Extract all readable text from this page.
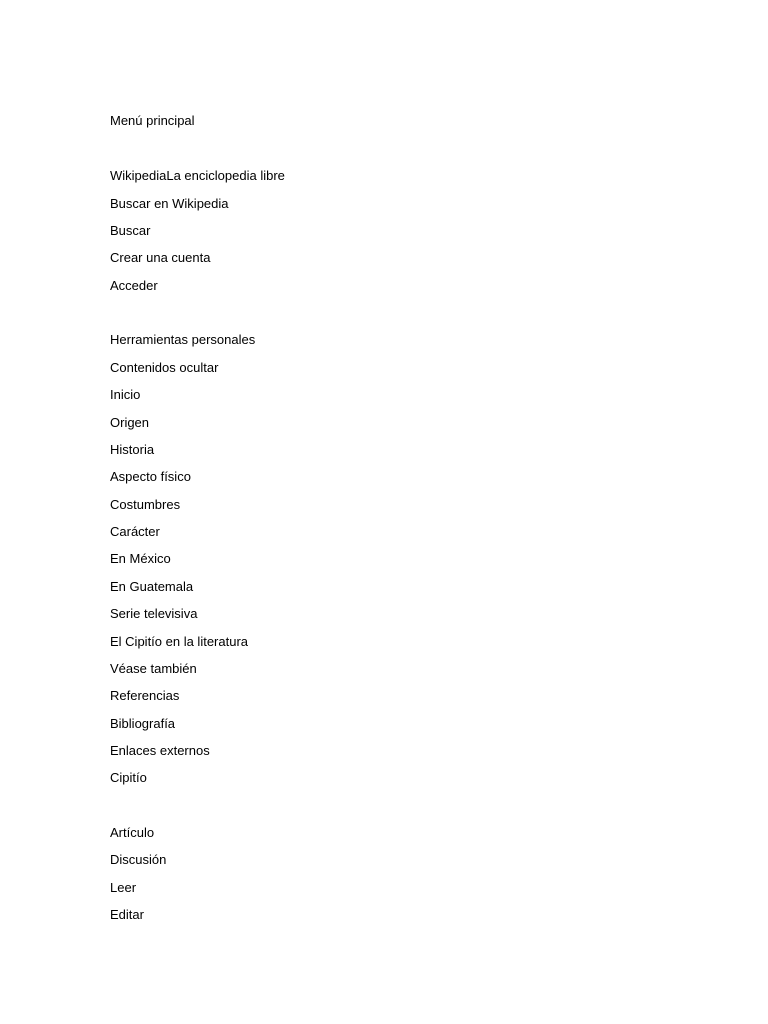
Menú principal
WikipediaLa enciclopedia libre
Buscar en Wikipedia
Buscar
Crear una cuenta
Acceder
Herramientas personales
Contenidos ocultar
Inicio
Origen
Historia
Aspecto físico
Costumbres
Carácter
En México
En Guatemala
Serie televisiva
El Cipitío en la literatura
Véase también
Referencias
Bibliografía
Enlaces externos
Cipitío
Artículo
Discusión
Leer
Editar
